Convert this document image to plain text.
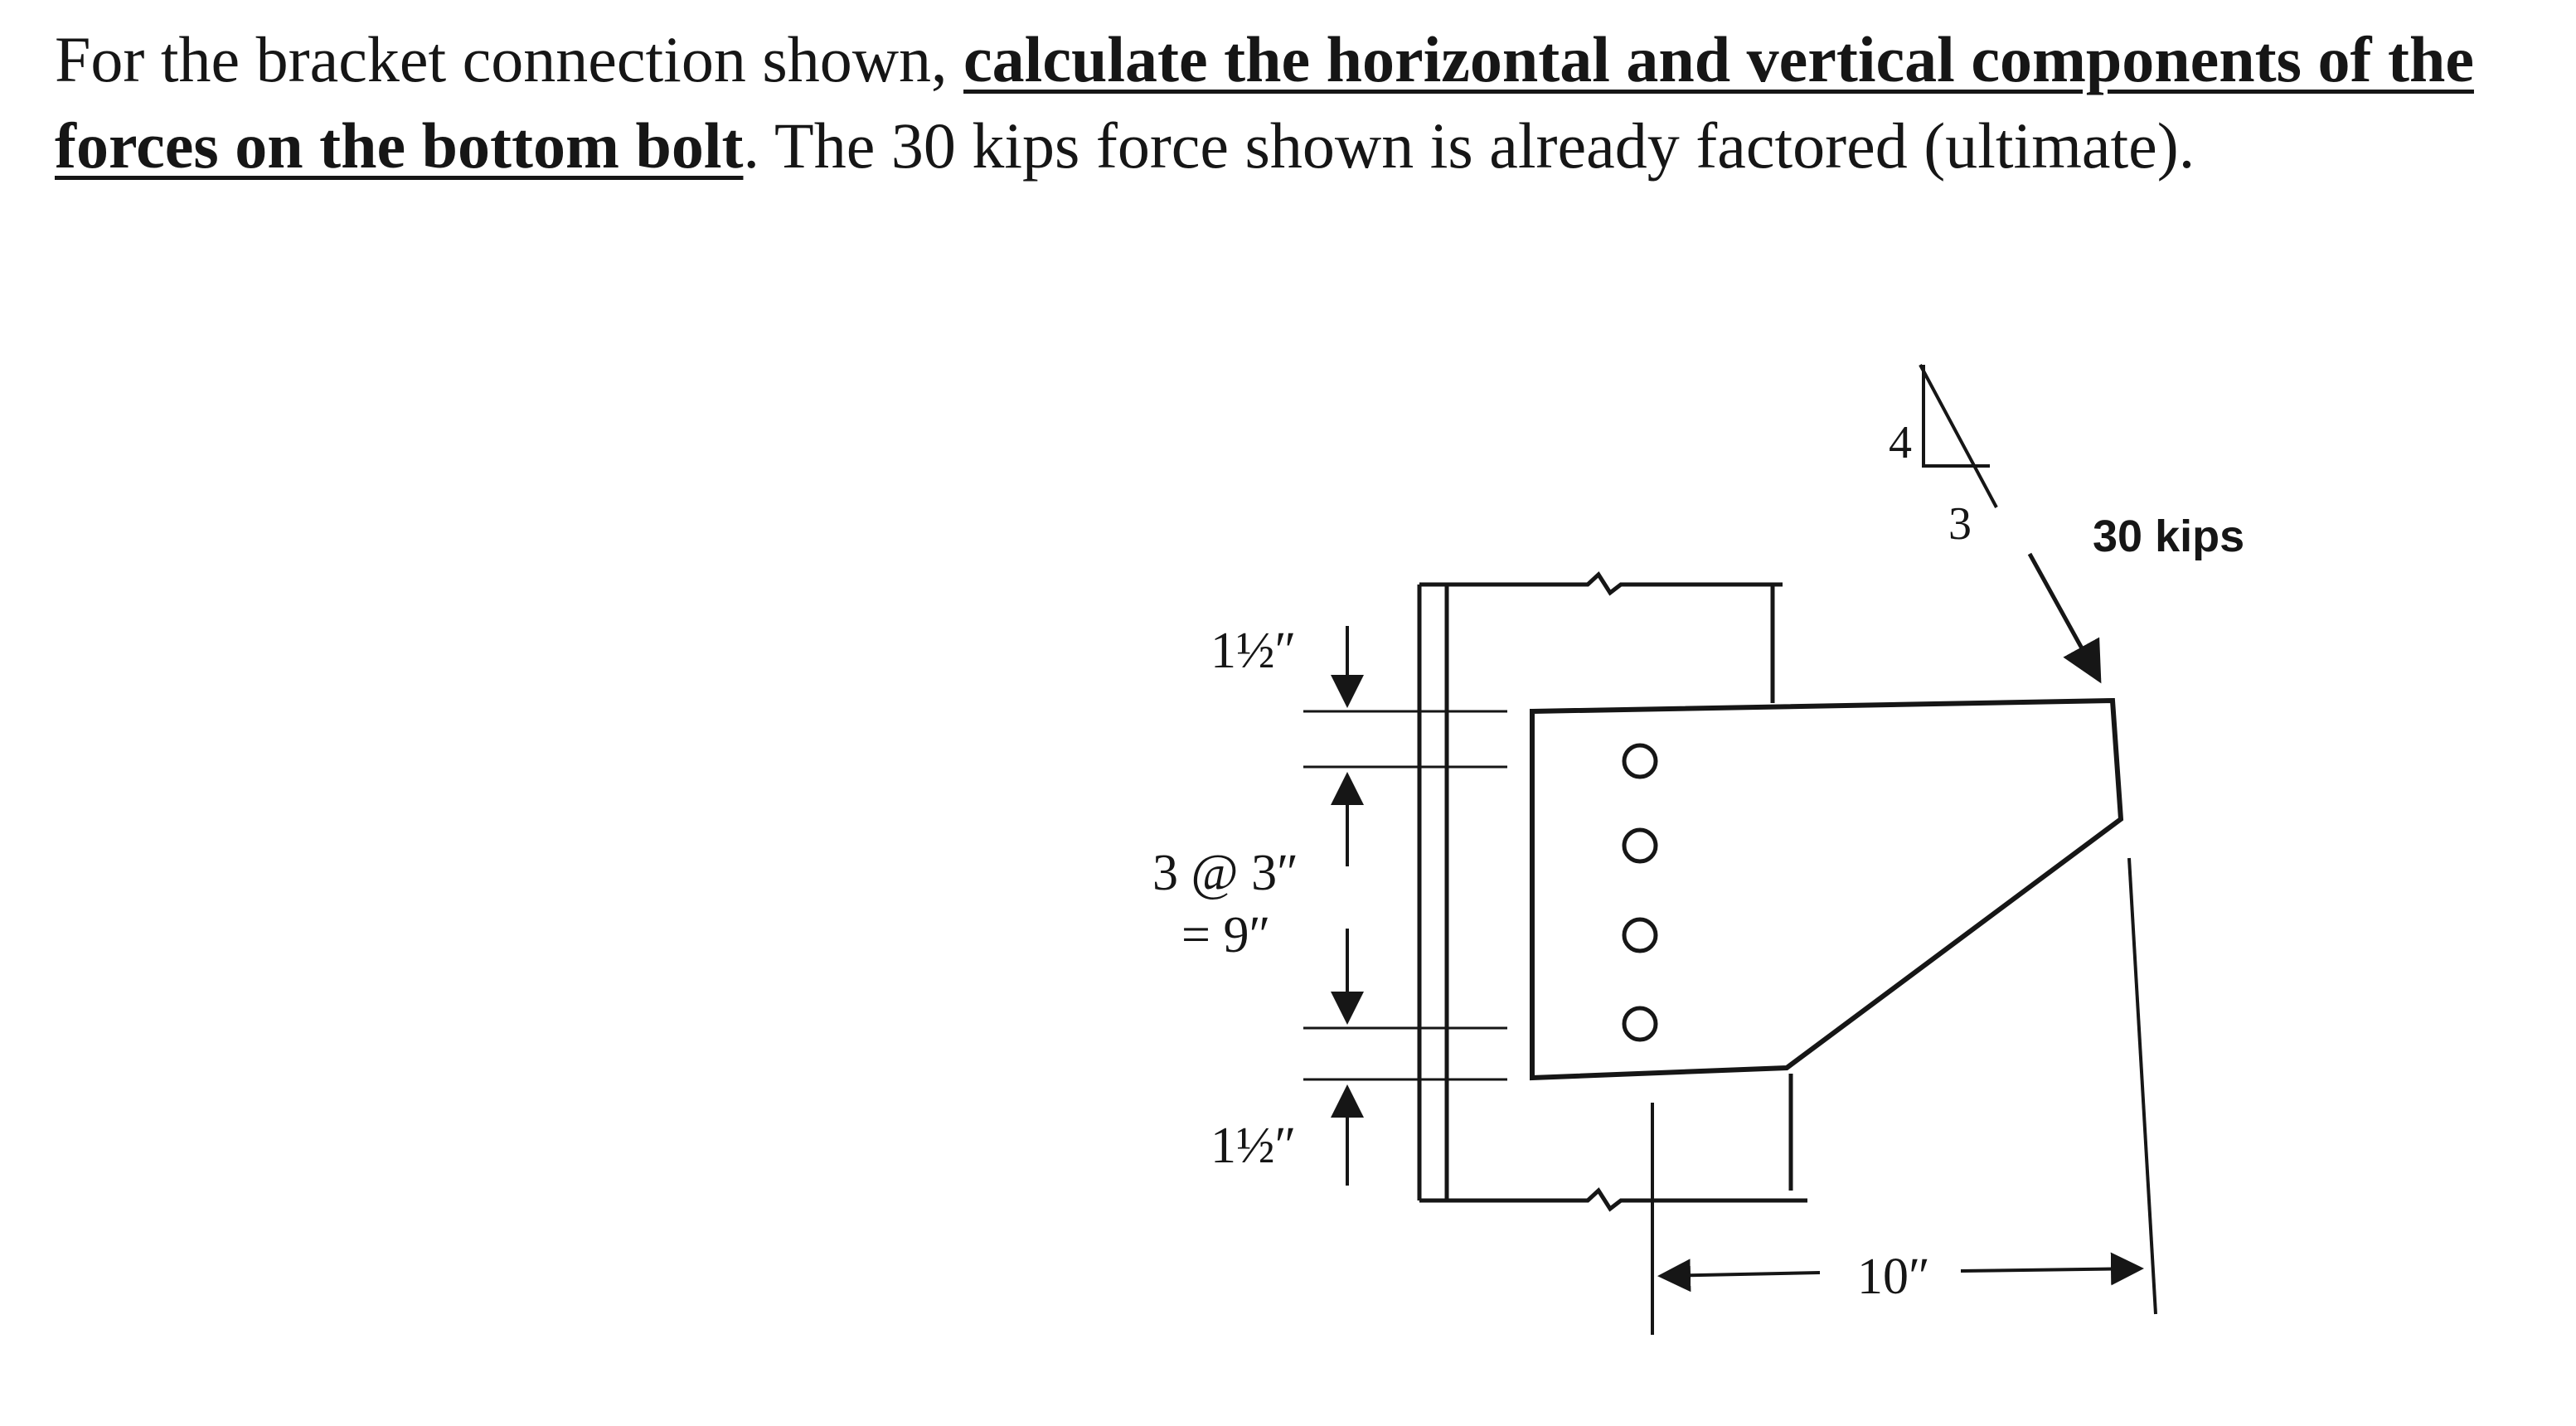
For the bracket connection shown, calculate the horizontal and vertical components of the forces on the bottom bolt. The 30 kips force shown is already factored (ultimate).

4
3	30 kips
1½″
3 @ 3″
= 9″
1½″
10″
